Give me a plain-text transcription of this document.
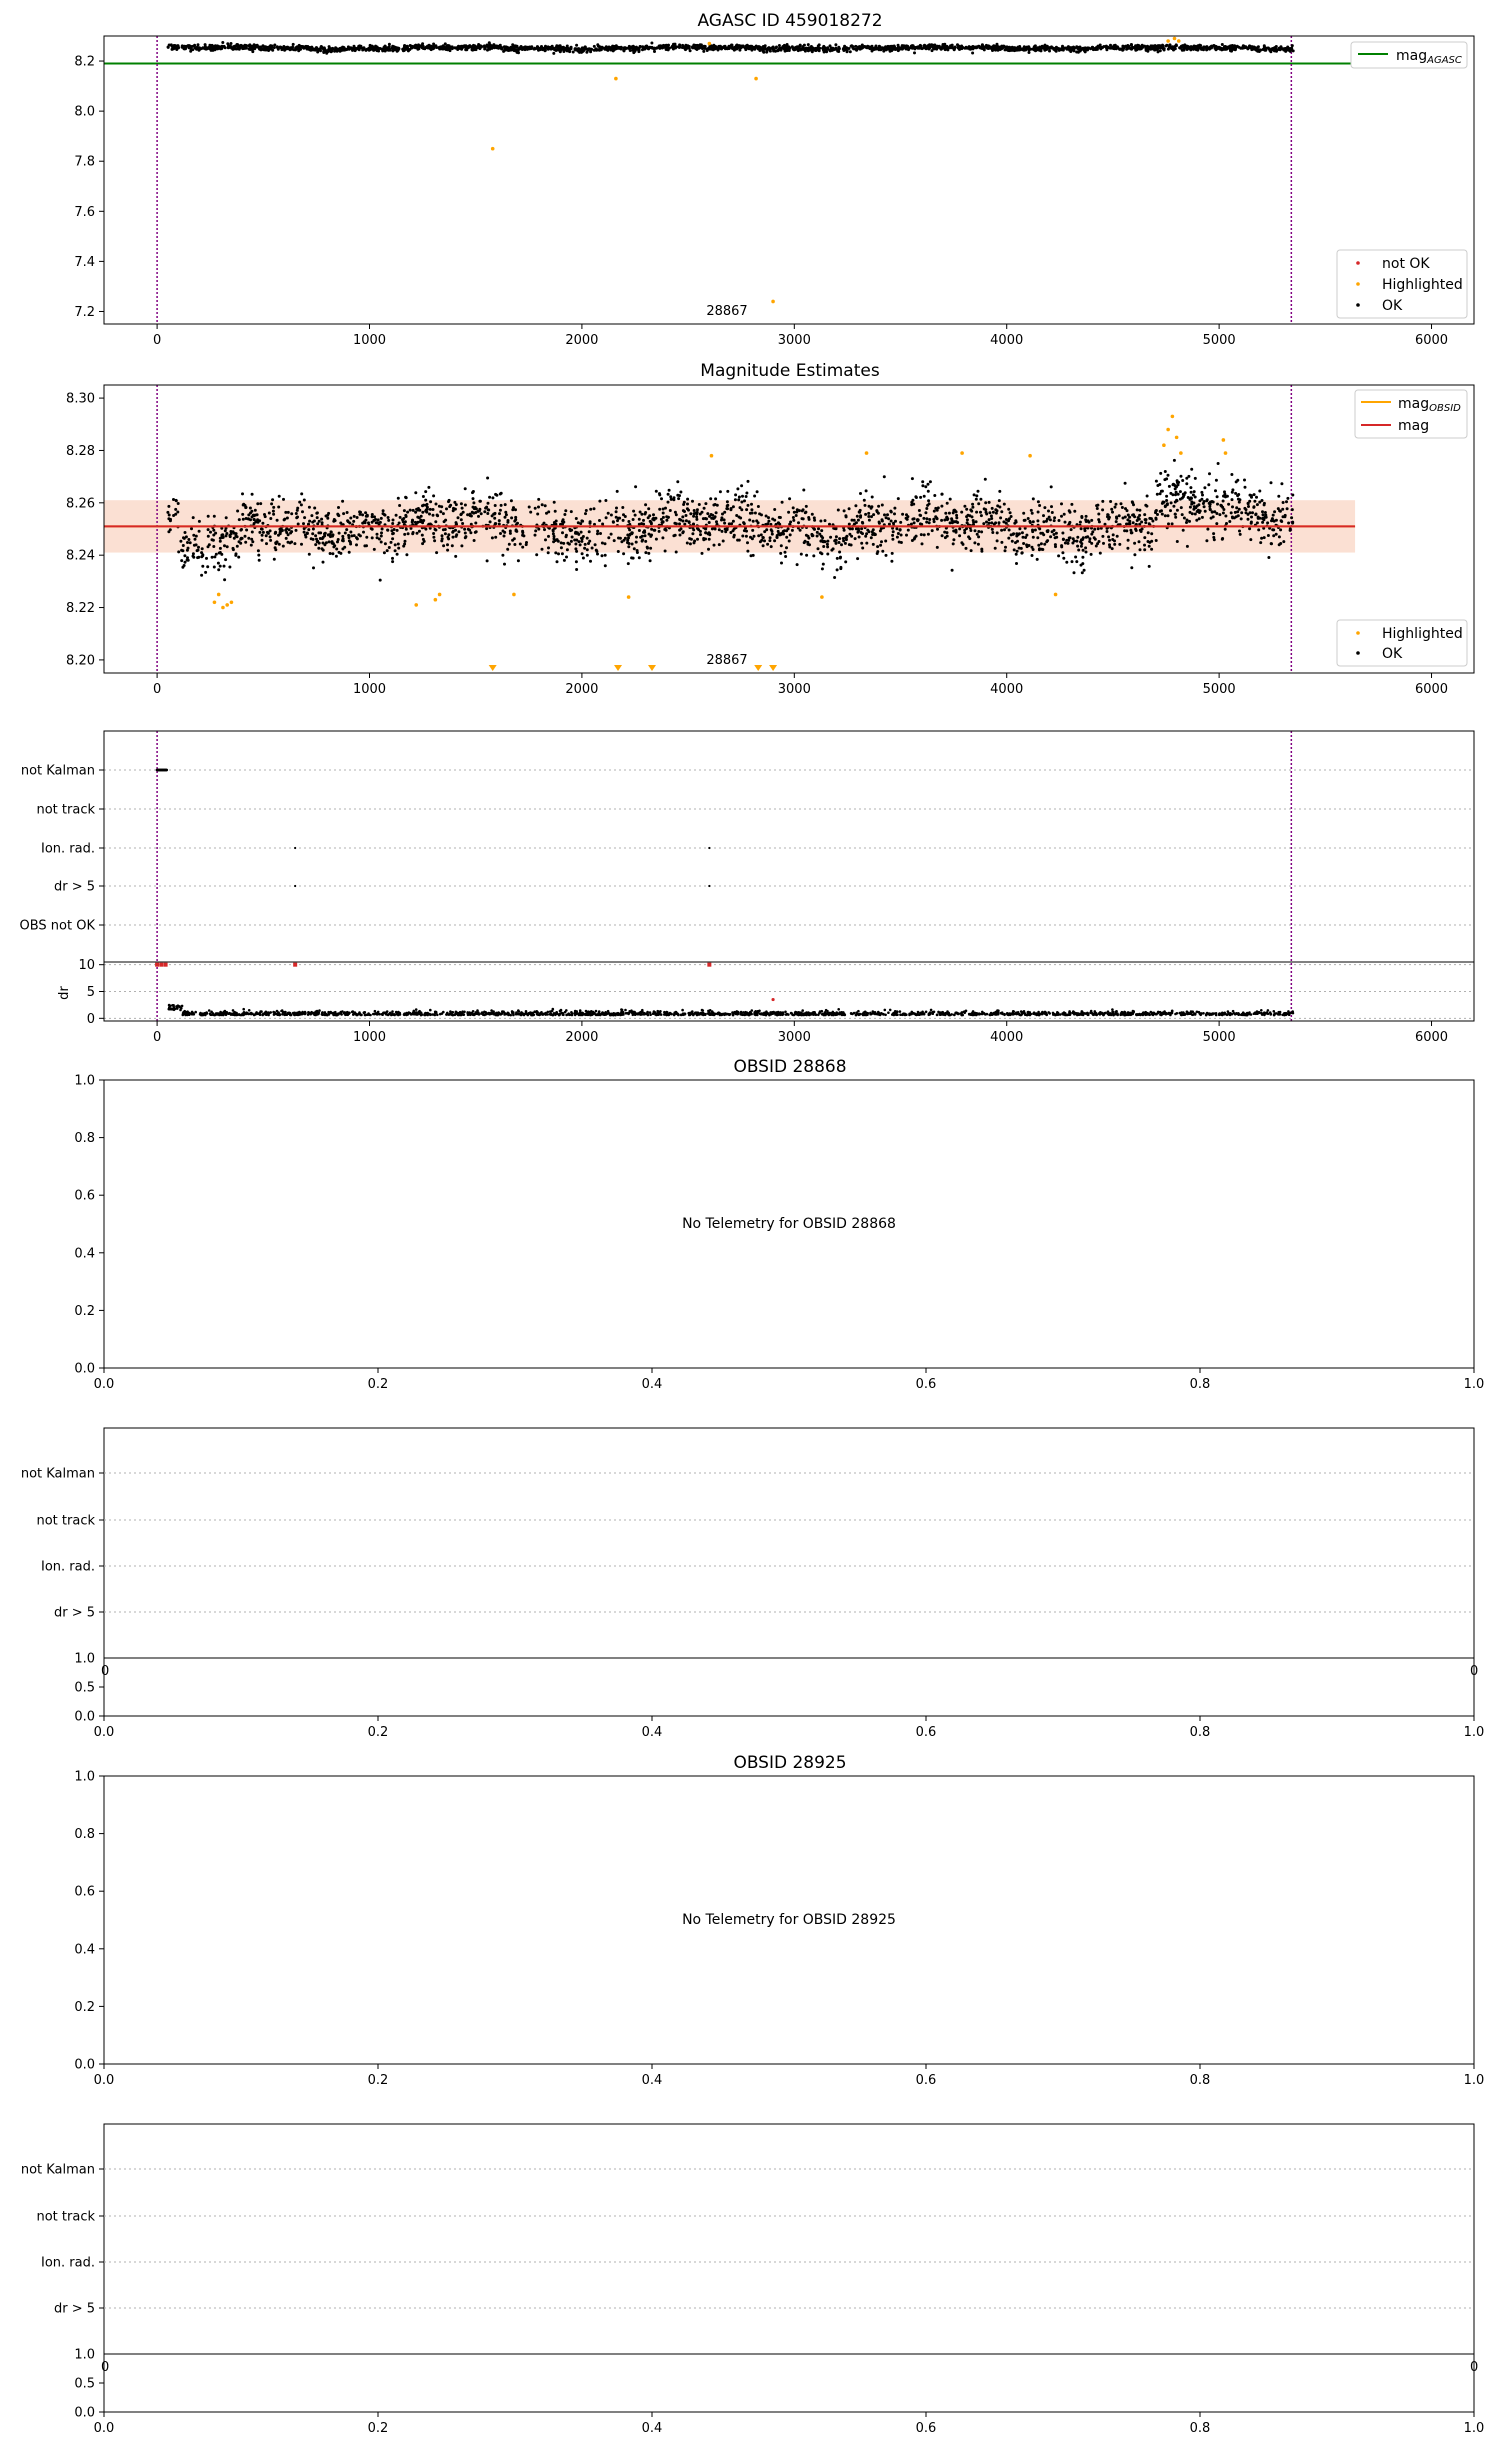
AGASC ID 459018272
0	1000	2000	3000	4000	5000	6000
7.2
7.4
7.6
7.8
8.0
8.2	mag$_{AGASC}$
not OK
Highlighted
OK
28867
Magnitude Estimates
0	1000	2000	3000	4000	5000	6000
8.20
8.22
8.24
8.26
8.28
8.30	mag$_{OBSID}$
mag
Highlighted
OK
28867
not Kalman
not track
Ion. rad.
dr > 5
OBS not OK
0
5
10
dr
0	1000	2000	3000	4000	5000	6000
OBSID 28868
No Telemetry for OBSID 28868
0.0	0.2	0.4	0.6	0.8	1.0
0.0
0.2
0.4
0.6
0.8
1.0
not Kalman
not track
Ion. rad.
dr > 5
1.0
0	0
0.5
0.0
0.0	0.2	0.4	0.6	0.8	1.0
OBSID 28925
No Telemetry for OBSID 28925
0.0	0.2	0.4	0.6	0.8	1.0
0.0
0.2
0.4
0.6
0.8
1.0
not Kalman
not track
Ion. rad.
dr > 5
1.0
0	0
0.5
0.0
0.0	0.2	0.4	0.6	0.8	1.0
